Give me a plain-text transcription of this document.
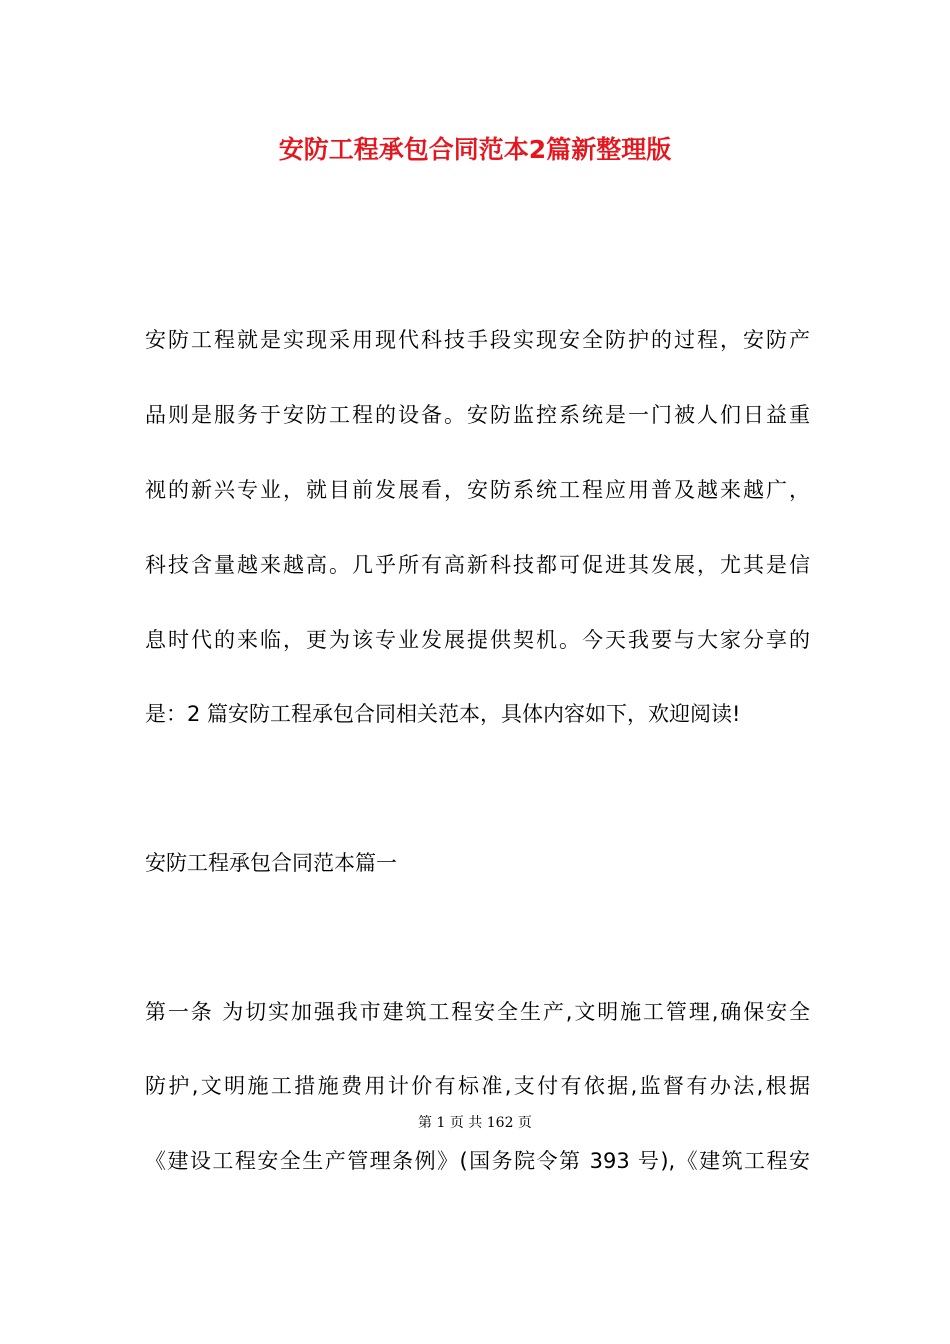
安防工程承包合同范本2篇新整理版
安防工程就是实现采用现代科技手段实现安全防护的过程，安防产
品则是服务于安防工程的设备。安防监控系统是一门被人们日益重
视的新兴专业，就目前发展看，安防系统工程应用普及越来越广，
科技含量越来越高。几乎所有高新科技都可促进其发展，尤其是信
息时代的来临，更为该专业发展提供契机。今天我要与大家分享的
是：2 篇安防工程承包合同相关范本，具体内容如下，欢迎阅读!
安防工程承包合同范本篇一
第一条 为切实加强我市建筑工程安全生产,文明施工管理,确保安全
防护,文明施工措施费用计价有标准,支付有依据,监督有办法,根据
《建设工程安全生产管理条例》(国务院令第 393 号),《建筑工程安
第 1 页 共 162 页
